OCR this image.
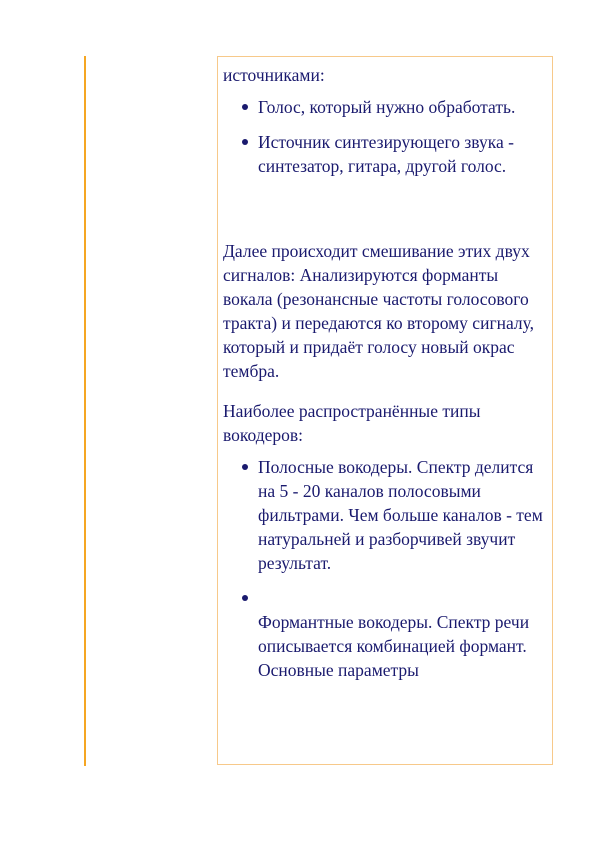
источниками:

Голос, который нужно обработать.
Источник синтезирующего звука - синтезатор, гитара, другой голос.

Далее происходит смешивание этих двух сигналов: Анализируются форманты вокала (резонансные частоты голосового тракта) и передаются ко второму сигналу, который и придаёт голосу новый окрас тембра.

Наиболее распространённые типы вокодеров:

Полосные вокодеры. Спектр делится на 5 - 20 каналов полосовыми фильтрами. Чем больше каналов - тем натуральней и разборчивей звучит результат.
Формантные вокодеры. Спектр речи описывается комбинацией формант. Основные параметры
